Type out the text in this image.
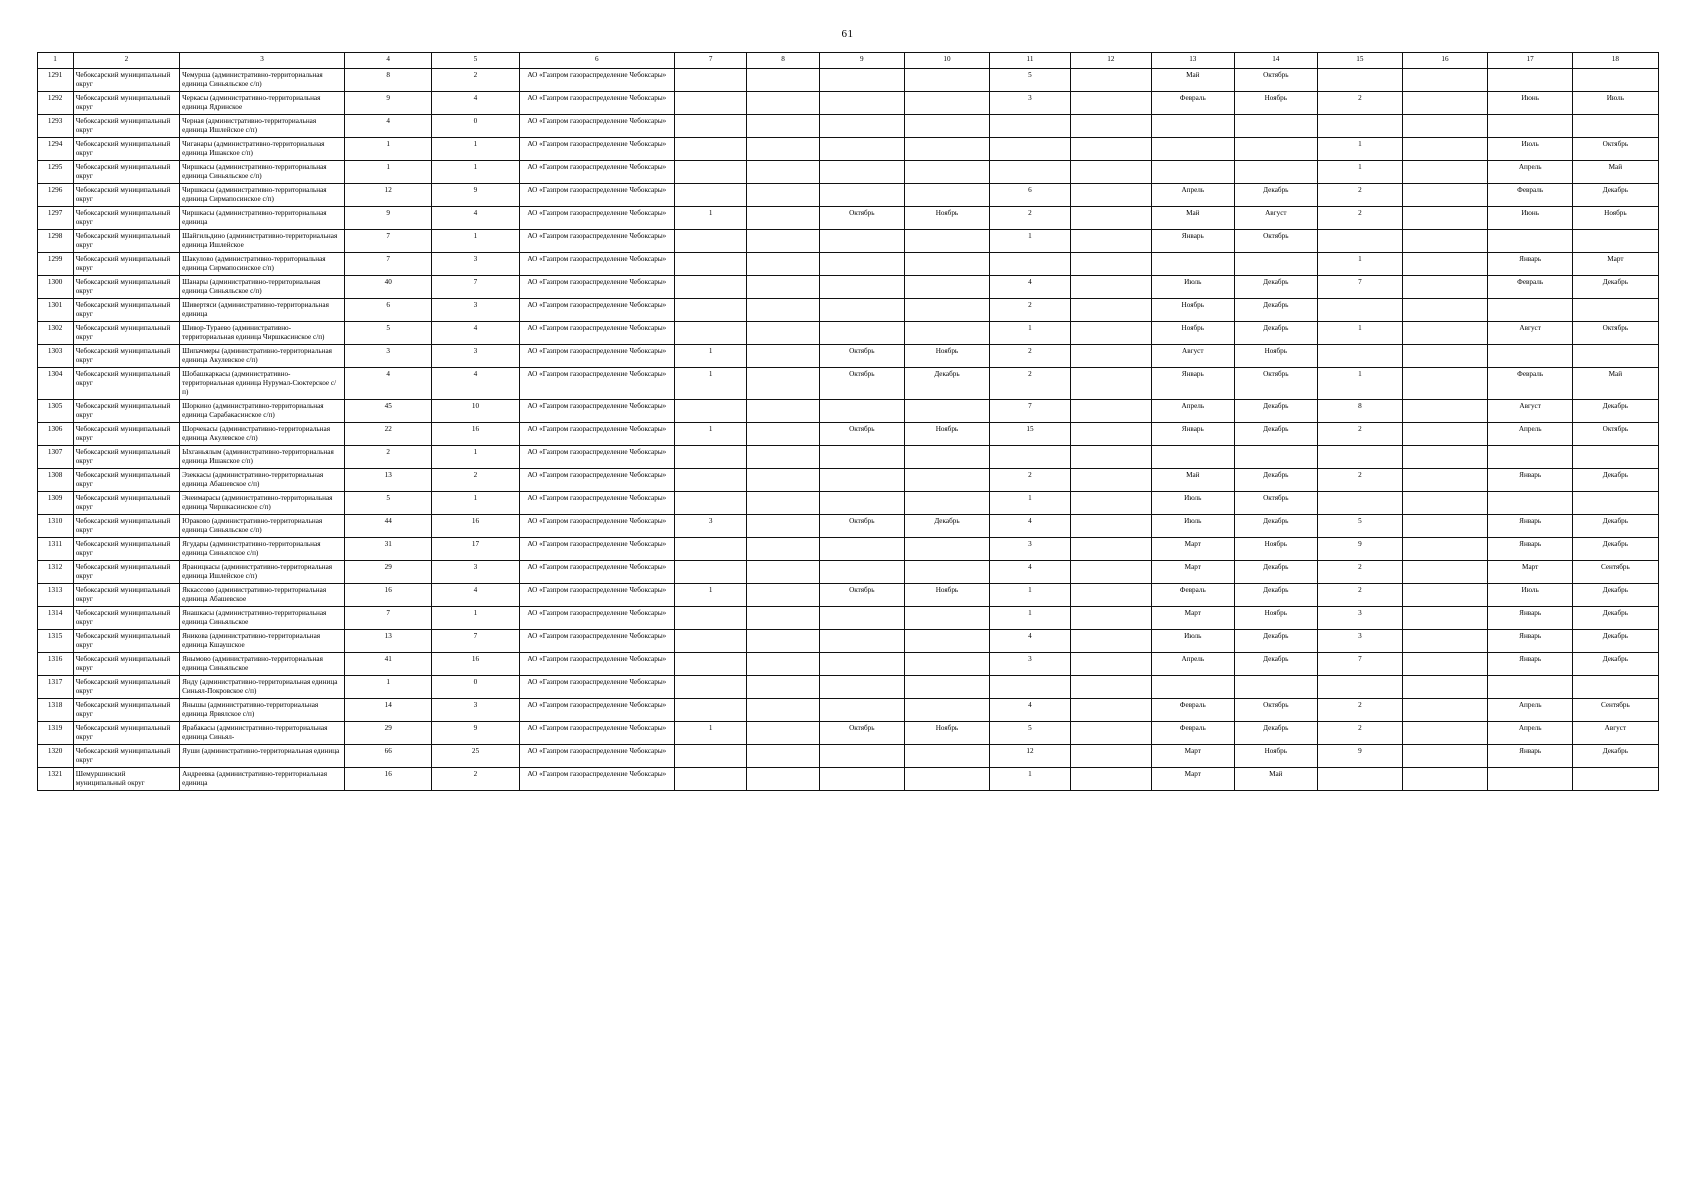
61
1	2	3	4	5	6	7	8	9	10	11	12	13	14	15	16	17	18
1291	Чебоксарский муниципальный округ	Чемурша (административно-территориальная единица Синьяльское с/п)	8	2	АО «Газпром газораспределение Чебоксары»					5		Май	Октябрь				
1292	Чебоксарский муниципальный округ	Черкасы (административно-территориальная единица Ядринское	9	4	АО «Газпром газораспределение Чебоксары»					3		Февраль	Ноябрь	2		Июнь	Июль
1293	Чебоксарский муниципальный округ	Черная (административно-территориальная единица Ишлейское с/п)	4	0	АО «Газпром газораспределение Чебоксары»												
1294	Чебоксарский муниципальный округ	Чиганары (административно-территориальная единица Ишакское с/п)	1	1	АО «Газпром газораспределение Чебоксары»									1		Июль	Октябрь
1295	Чебоксарский муниципальный округ	Чиршкасы (административно-территориальная единица Синьяльское с/п)	1	1	АО «Газпром газораспределение Чебоксары»									1		Апрель	Май
1296	Чебоксарский муниципальный округ	Чиршкасы (административно-территориальная единица Сирмапосинское с/п)	12	9	АО «Газпром газораспределение Чебоксары»					6		Апрель	Декабрь	2		Февраль	Декабрь
1297	Чебоксарский муниципальный округ	Чиршкасы (административно-территориальная единица	9	4	АО «Газпром газораспределение Чебоксары»	1		Октябрь	Ноябрь	2		Май	Август	2		Июнь	Ноябрь
1298	Чебоксарский муниципальный округ	Шайгильдино (административно-территориальная единица Ишлейское	7	1	АО «Газпром газораспределение Чебоксары»					1		Январь	Октябрь				
1299	Чебоксарский муниципальный округ	Шакулово (административно-территориальная единица Сирмапосинское с/п)	7	3	АО «Газпром газораспределение Чебоксары»									1		Январь	Март
1300	Чебоксарский муниципальный округ	Шанары (административно-территориальная единица Синьяльское с/п)	40	7	АО «Газпром газораспределение Чебоксары»					4		Июль	Декабрь	7		Февраль	Декабрь
1301	Чебоксарский муниципальный округ	Шивертяси (административно-территориальная единица	6	3	АО «Газпром газораспределение Чебоксары»					2		Ноябрь	Декабрь				
1302	Чебоксарский муниципальный округ	Шивор-Тураево (административно-территориальная единица Чиршкасинское с/п)	5	4	АО «Газпром газораспределение Чебоксары»					1		Ноябрь	Декабрь	1		Август	Октябрь
1303	Чебоксарский муниципальный округ	Шипачмеры (административно-территориальная единица Акулевское с/п)	3	3	АО «Газпром газораспределение Чебоксары»	1		Октябрь	Ноябрь	2		Август	Ноябрь				
1304	Чебоксарский муниципальный округ	Шобашкаркасы (административно-территориальная единица Нурумал-Сюктерское с/п)	4	4	АО «Газпром газораспределение Чебоксары»	1		Октябрь	Декабрь	2		Январь	Октябрь	1		Февраль	Май
1305	Чебоксарский муниципальный округ	Шоркино (административно-территориальная единица Сарабакасинское с/п)	45	10	АО «Газпром газораспределение Чебоксары»					7		Апрель	Декабрь	8		Август	Декабрь
1306	Чебоксарский муниципальный округ	Шорчекасы (административно-территориальная единица Акулевское с/п)	22	16	АО «Газпром газораспределение Чебоксары»	1		Октябрь	Ноябрь	15		Январь	Декабрь	2		Апрель	Октябрь
1307	Чебоксарский муниципальный округ	Ыхганьялым (административно-территориальная единица Ишакское с/п)	2	1	АО «Газпром газораспределение Чебоксары»												
1308	Чебоксарский муниципальный округ	Эзеккасы (административно-территориальная единица Абашевское с/п)	13	2	АО «Газпром газораспределение Чебоксары»					2		Май	Декабрь	2		Январь	Декабрь
1309	Чебоксарский муниципальный округ	Энеимарасы (административно-территориальная единица Чиршкасинское с/п)	5	1	АО «Газпром газораспределение Чебоксары»					1		Июль	Октябрь				
1310	Чебоксарский муниципальный округ	Юраково (административно-территориальная единица Синьяльское с/п)	44	16	АО «Газпром газораспределение Чебоксары»	3		Октябрь	Декабрь	4		Июль	Декабрь	5		Январь	Декабрь
1311	Чебоксарский муниципальный округ	Ягудары (административно-территориальная единица Синьялское с/п)	31	17	АО «Газпром газораспределение Чебоксары»					3		Март	Ноябрь	9		Январь	Декабрь
1312	Чебоксарский муниципальный округ	Яраницкасы (административно-территориальная единица Ишлейское с/п)	29	3	АО «Газпром газораспределение Чебоксары»					4		Март	Декабрь	2		Март	Сентябрь
1313	Чебоксарский муниципальный округ	Яккассово (административно-территориальная единица Абашевское	16	4	АО «Газпром газораспределение Чебоксары»	1		Октябрь	Ноябрь	1		Февраль	Декабрь	2		Июль	Декабрь
1314	Чебоксарский муниципальный округ	Янашкасы (административно-территориальная единица Синьяльское	7	1	АО «Газпром газораспределение Чебоксары»					1		Март	Ноябрь	3		Январь	Декабрь
1315	Чебоксарский муниципальный округ	Яникова (административно-территориальная единица Кшаушское	13	7	АО «Газпром газораспределение Чебоксары»					4		Июль	Декабрь	3		Январь	Декабрь
1316	Чебоксарский муниципальный округ	Янымово (административно-территориальная единица Синьяльское	41	16	АО «Газпром газораспределение Чебоксары»					3		Апрель	Декабрь	7		Январь	Декабрь
1317	Чебоксарский муниципальный округ	Янду (административно-территориальная единица Синьял-Покровское с/п)	1	0	АО «Газпром газораспределение Чебоксары»												
1318	Чебоксарский муниципальный округ	Янышы (административно-территориальная единица Ярвялское с/п)	14	3	АО «Газпром газораспределение Чебоксары»					4		Февраль	Октябрь	2		Апрель	Сентябрь
1319	Чебоксарский муниципальный округ	Ярабакасы (административно-территориальная единица Синьял-	29	9	АО «Газпром газораспределение Чебоксары»	1		Октябрь	Ноябрь	5		Февраль	Декабрь	2		Апрель	Август
1320	Чебоксарский муниципальный округ	Яуши (административно-территориальная единица	66	25	АО «Газпром газораспределение Чебоксары»					12		Март	Ноябрь	9		Январь	Декабрь
1321	Шемуршинский муниципальный округ	Андреевка (административно-территориальная единица	16	2	АО «Газпром газораспределение Чебоксары»					1		Март	Май				
